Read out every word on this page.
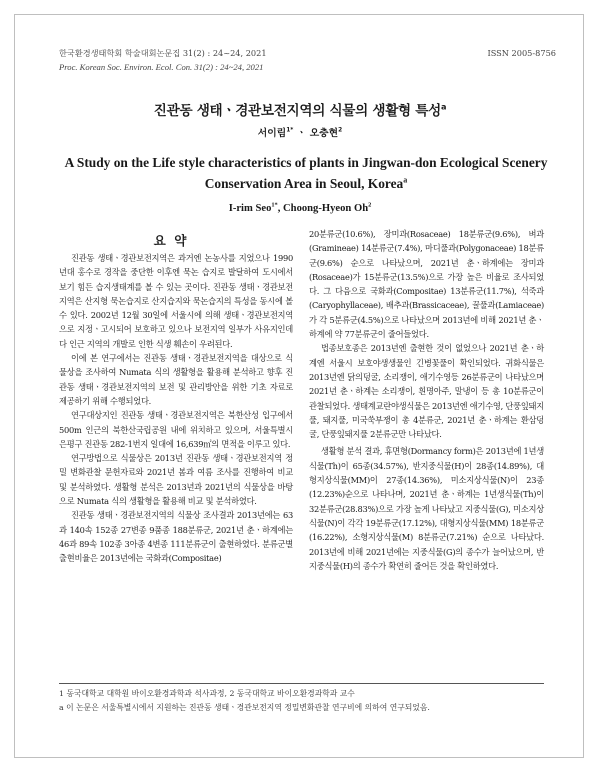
한국환경생태학회 학술대회논문집 31(2) : 24~24, 2021
Proc. Korean Soc. Environ. Ecol. Con. 31(2) : 24~24, 2021
ISSN 2005-8756
진관동 생태ㆍ경관보전지역의 식물의 생활형 특성$^a$
서이림$^{1*}$ ㆍ 오충현$^2$
A Study on the Life style characteristics of plants in Jingwan-don Ecological Scenery Conservation Area in Seoul, Korea$^a$
I-rim Seo$^{1*}$, Choong-Hyeon Oh$^2$
요 약

진관동 생태ㆍ경관보전지역은 과거엔 논농사를 지었으나 1990년대 홍수로 경작을 중단한 이후엔 묵논 습지로 발달하여 도시에서 보기 힘든 습지생태계를 볼 수 있는 곳이다. 진관동 생태ㆍ경관보전지역은 산지형 묵논습지로 산지습지와 묵논습지의 특성을 동시에 볼 수 있다. 2002년 12월 30일에 서울시에 의해 생태ㆍ경관보전지역으로 지정ㆍ고시되어 보호하고 있으나 보전지역 일부가 사유지인데다 인근 지역의 개발로 인한 식생 훼손이 우려된다.

이에 본 연구에서는 진관동 생태ㆍ경관보전지역을 대상으로 식물상을 조사하여 Numata 식의 생활형을 활용해 분석하고 향후 진관동 생태ㆍ경관보전지역의 보전 및 관리방안을 위한 기초 자료로 제공하기 위해 수행되었다.

연구대상지인 진관동 생태ㆍ경관보전지역은 북한산성 입구에서 500m 인근의 북한산국립공원 내에 위치하고 있으며, 서울특별시 은평구 진관동 282-1번지 일대에 16,639㎡의 면적을 이루고 있다.

연구방법으로 식물상은 2013년 진관동 생태ㆍ경관보전지역 정밀 변화관찰 문헌자료와 2021년 봄과 여름 조사를 진행하여 비교 및 분석하였다. 생활형 분석은 2013년과 2021년의 식물상을 바탕으로 Numata 식의 생활형을 활용해 비교 및 분석하였다.

진관동 생태ㆍ경관보전지역의 식물상 조사결과 2013년에는 63과 140속 152종 27변종 9품종 188분류군, 2021년 춘ㆍ하계에는 46과 89속 102종 3아종 4변종 111분류군이 출현하였다. 분류군별 출현비율은 2013년에는 국화과(Compositae)

20분류군(10.6%), 장미과(Rosaceae) 18분류군(9.6%), 벼과(Gramineae) 14분류군(7.4%), 마디풀과(Polygonaceae) 18분류군(9.6%) 순으로 나타났으며, 2021년 춘ㆍ하계에는 장미과(Rosaceae)가 15분류군(13.5%)으로 가장 높은 비율로 조사되었다. 그 다음으로 국화과(Compositae) 13분류군(11.7%), 석죽과(Caryophyllaceae), 배추과(Brassicaceae), 꿀풀과(Lamiaceae)가 각 5분류군(4.5%)으로 나타났으며 2013년에 비해 2021년 춘ㆍ하계에 약 77분류군이 줄어들었다.

법종보호종은 2013년엔 출현한 것이 없었으나 2021년 춘ㆍ하계엔 서울시 보호야생생물인 긴병꽃풀이 확인되었다. 귀화식물은 2013년엔 닭의덩굴, 소리쟁이, 애기수영등 26분류군이 나타났으며 2021년 춘ㆍ하계는 소리쟁이, 흰명아주, 말냉이 등 총 10분류군이 관찰되었다. 생태계교란야생식물은 2013년엔 애기수영, 단풍잎돼지풀, 돼지풀, 미국쑥부쟁이 총 4분류군, 2021년 춘ㆍ하계는 환삼덩굴, 단풍잎돼지풀 2분류군만 나타났다.

생활형 분석 결과, 휴면형(Dormancy form)은 2013년에 1년생식물(Th)이 65종(34.57%), 반지중식물(H)이 28종(14.89%), 대형지상식물(MM)이 27종(14.36%), 미소지상식물(N)이 23종(12.23%)순으로 나타나며, 2021년 춘ㆍ하계는 1년생식물(Th)이 32분류군(28.83%)으로 가장 높게 나타났고 지중식물(G), 미소지상식물(N)이 각각 19분류군(17.12%), 대형지상식물(MM) 18분류군(16.22%), 소형지상식물(M) 8분류군(7.21%) 순으로 나타났다. 2013년에 비해 2021년에는 지중식물(G)의 종수가 늘어났으며, 반지중식물(H)의 종수가 확연히 줄어든 것을 확인하였다.

1 동국대학교 대학원 바이오환경과학과 석사과정, 2 동국대학교 바이오환경과학과 교수
a 이 논문은 서울특별시에서 지원하는 진관동 생태ㆍ경관보전지역 정밀변화관찰 연구비에 의하여 연구되었음.
